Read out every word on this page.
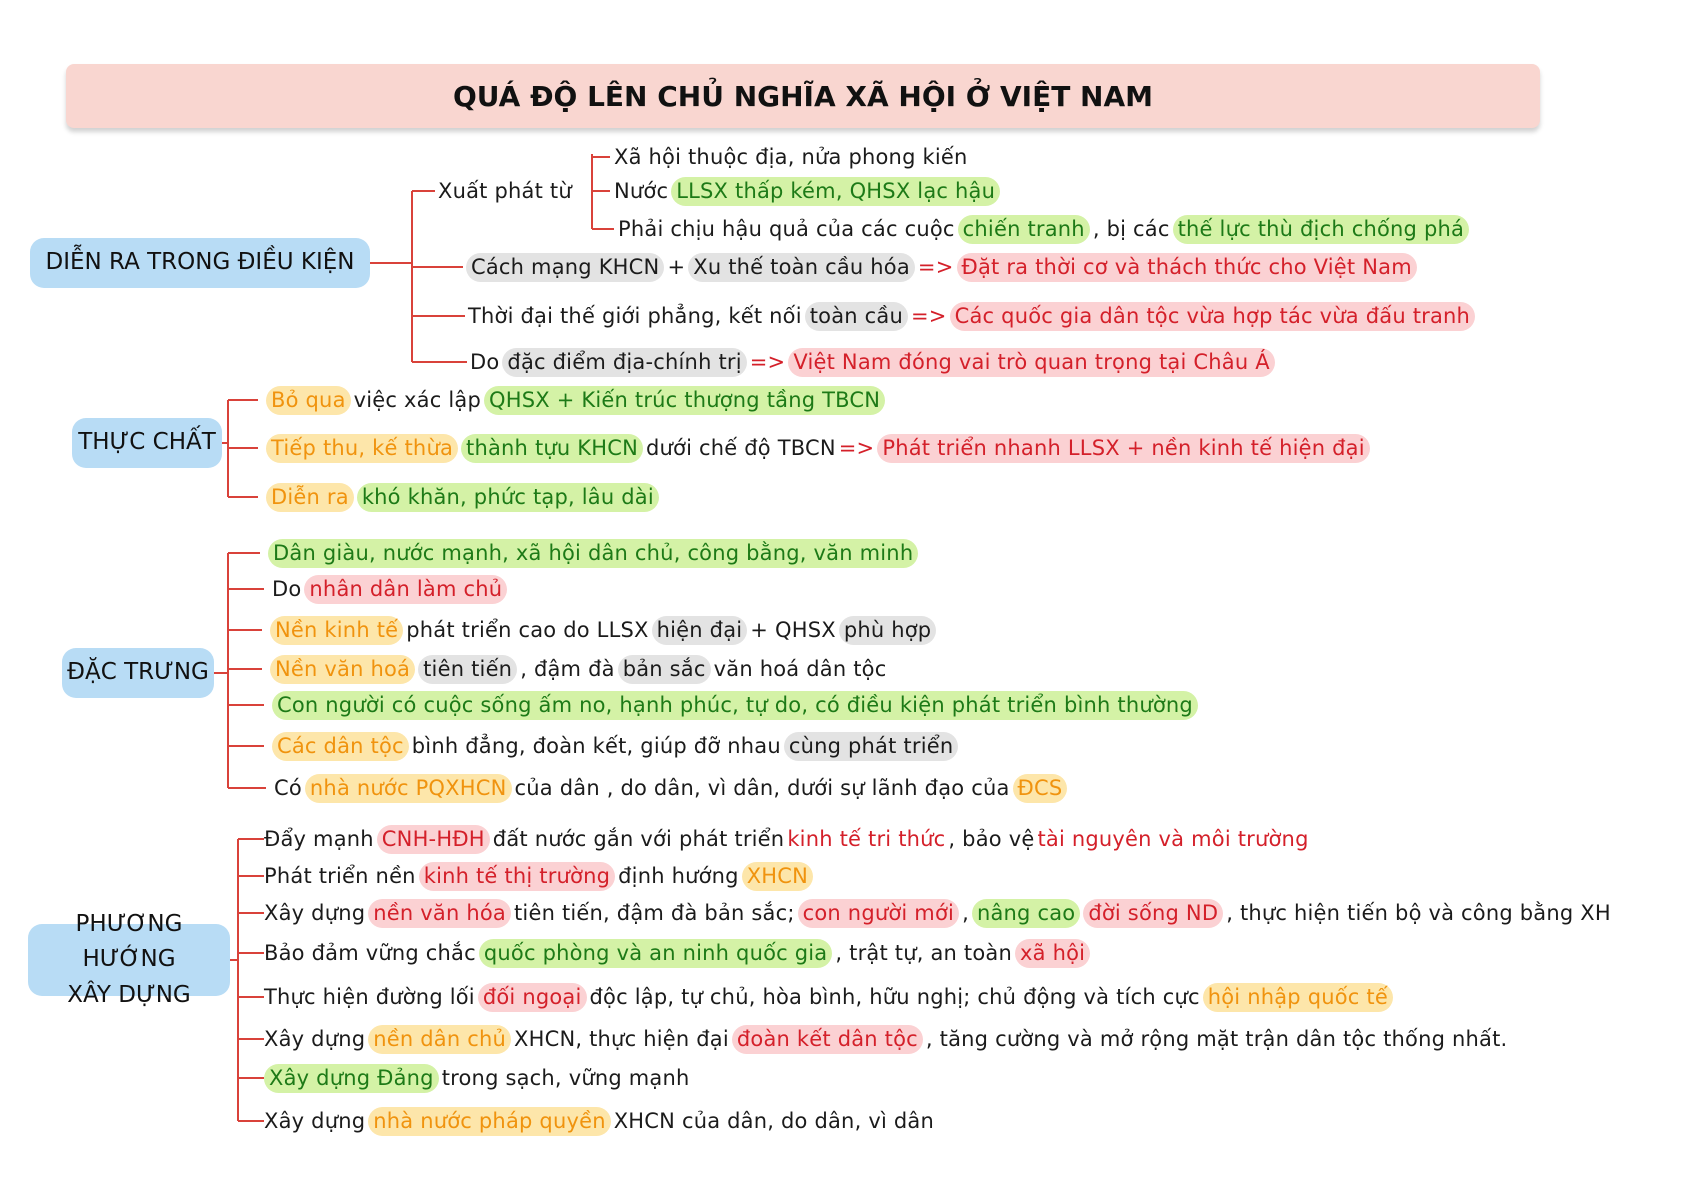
QUÁ ĐỘ LÊN CHỦ NGHĨA XÃ HỘI Ở VIỆT NAM
DIỄN RA TRONG ĐIỀU KIỆN
Xuất phát từ
Cách mạng KHCN+Xu thế toàn cầu hóa=>Đặt ra thời cơ và thách thức cho Việt Nam
Thời đại thế giới phẳng, kết nối toàn cầu=>Các quốc gia dân tộc vừa hợp tác vừa đấu tranh
Do đặc điểm địa-chính trị=>Việt Nam đóng vai trò quan trọng tại Châu Á
Xã hội thuộc địa, nửa phong kiến
Nước LLSX thấp kém, QHSX lạc hậu
Phải chịu hậu quả của các cuộc chiến tranh , bị các thế lực thù địch chống phá
THỰC CHẤT
Bỏ qua việc xác lập QHSX + Kiến trúc thượng tầng TBCN
Tiếp thu, kế thừa thành tựu KHCN dưới chế độ TBCN=>Phát triển nhanh LLSX + nền kinh tế hiện đại
Diễn ra khó khăn, phức tạp, lâu dài
ĐẶC TRƯNG
Dân giàu, nước mạnh, xã hội dân chủ, công bằng, văn minh
Do nhân dân làm chủ
Nền kinh tế phát triển cao do LLSX hiện đại+ QHSX phù hợp
Nền văn hoá tiên tiến , đậm đà bản sắc văn hoá dân tộc
Con người có cuộc sống ấm no, hạnh phúc, tự do, có điều kiện phát triển bình thường
Các dân tộc bình đẳng, đoàn kết, giúp đỡ nhau cùng phát triển
Có nhà nước PQXHCN của dân , do dân, vì dân, dưới sự lãnh đạo của ĐCS
PHƯƠNG HƯỚNG
XÂY DỰNG
Đẩy mạnh CNH-HĐH đất nước gắn với phát triển kinh tế tri thức , bảo vệ tài nguyên và môi trường
Phát triển nền kinh tế thị trường định hướng XHCN
Xây dựng nền văn hóa tiên tiến, đậm đà bản sắc; con người mới , nâng cao đời sống ND , thực hiện tiến bộ và công bằng XH
Bảo đảm vững chắc quốc phòng và an ninh quốc gia , trật tự, an toàn xã hội
Thực hiện đường lối đối ngoại độc lập, tự chủ, hòa bình, hữu nghị; chủ động và tích cực hội nhập quốc tế
Xây dựng nền dân chủ XHCN, thực hiện đại đoàn kết dân tộc , tăng cường và mở rộng mặt trận dân tộc thống nhất.
Xây dựng Đảng trong sạch, vững mạnh
Xây dựng nhà nước pháp quyền XHCN của dân, do dân, vì dân
